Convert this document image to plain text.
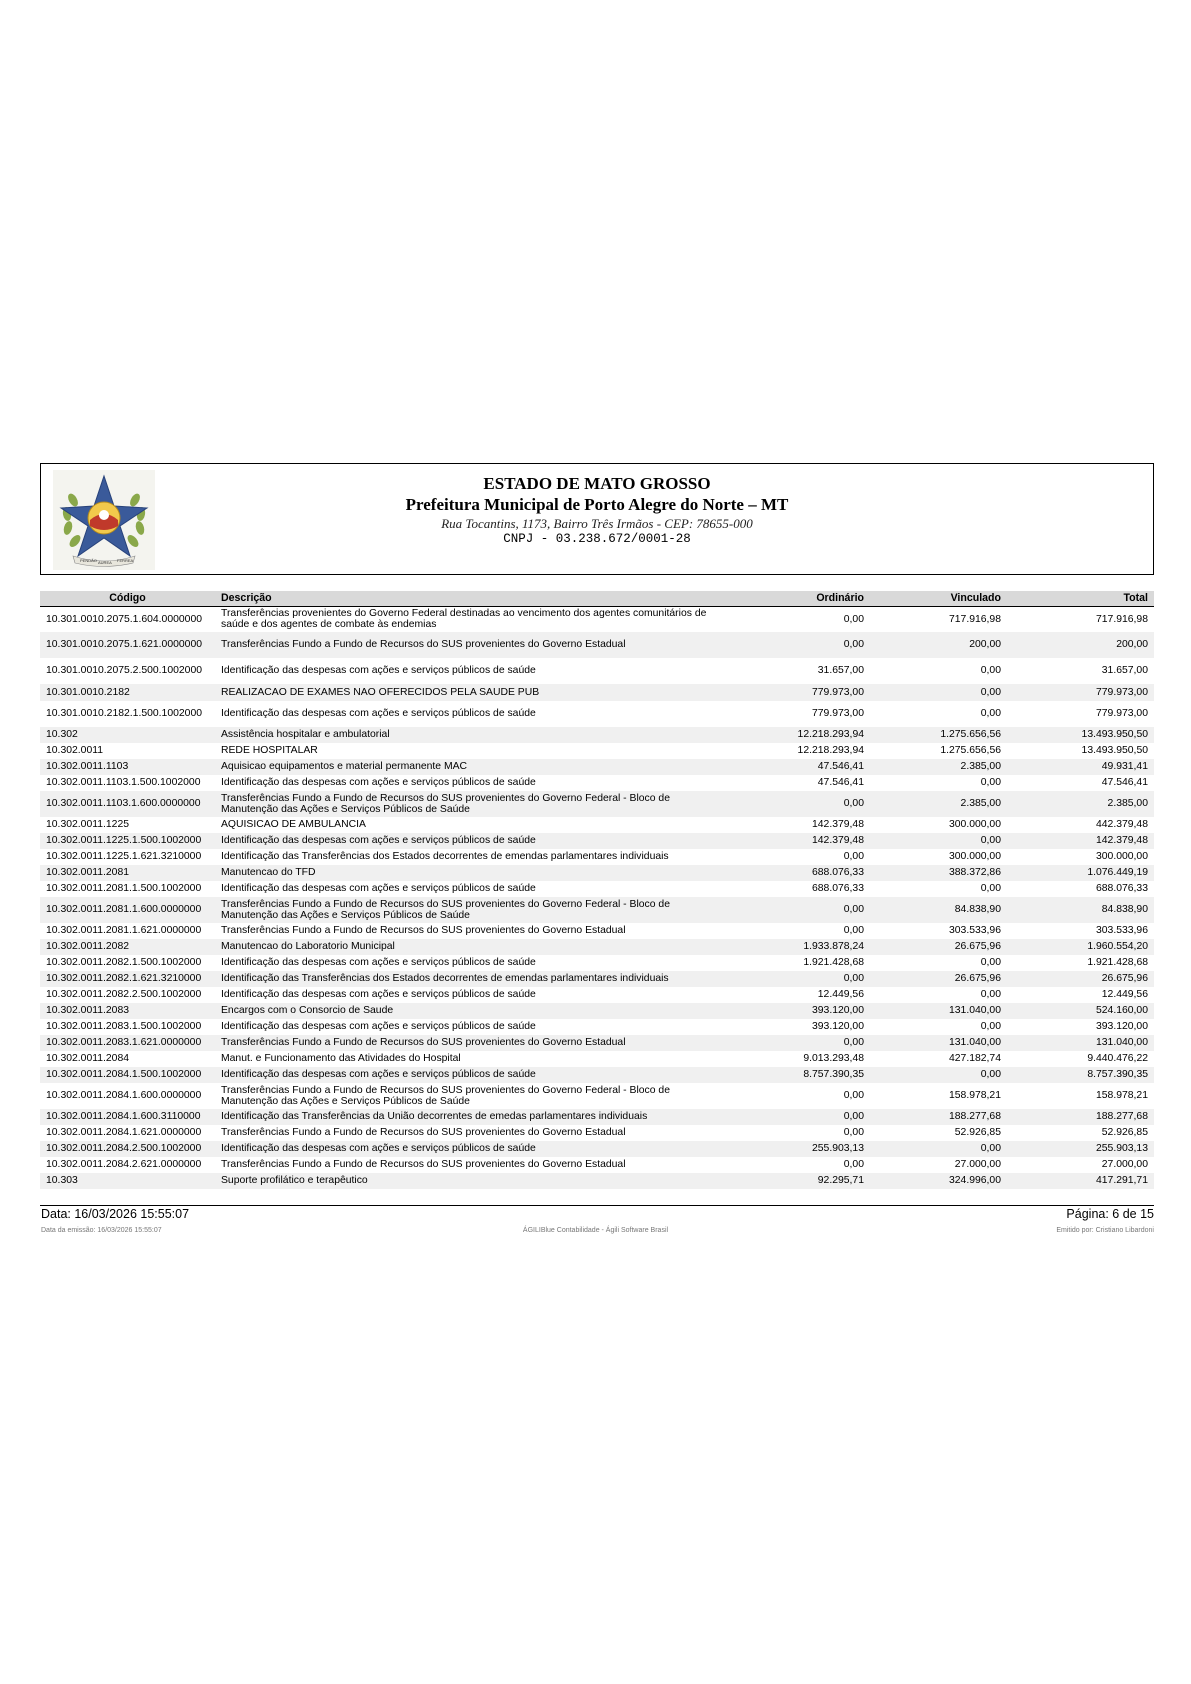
PENDÃO AUREA FERREA
ESTADO DE MATO GROSSO
Prefeitura Municipal de Porto Alegre do Norte – MT
Rua Tocantins, 1173, Bairro Três Irmãos - CEP: 78655-000
CNPJ - 03.238.672/0001-28
Código	Descrição	Ordinário	Vinculado	Total
10.301.0010.2075.1.604.0000000	Transferências provenientes do Governo Federal destinadas ao vencimento dos agentes comunitários de saúde e dos agentes de combate às endemias	0,00	717.916,98	717.916,98
10.301.0010.2075.1.621.0000000	Transferências Fundo a Fundo de Recursos do SUS provenientes do Governo Estadual	0,00	200,00	200,00
10.301.0010.2075.2.500.1002000	Identificação das despesas com ações e serviços públicos de saúde	31.657,00	0,00	31.657,00
10.301.0010.2182	REALIZACAO DE EXAMES NAO OFERECIDOS PELA SAUDE PUB	779.973,00	0,00	779.973,00
10.301.0010.2182.1.500.1002000	Identificação das despesas com ações e serviços públicos de saúde	779.973,00	0,00	779.973,00
10.302	Assistência hospitalar e ambulatorial	12.218.293,94	1.275.656,56	13.493.950,50
10.302.0011	REDE HOSPITALAR	12.218.293,94	1.275.656,56	13.493.950,50
10.302.0011.1103	Aquisicao equipamentos e material permanente MAC	47.546,41	2.385,00	49.931,41
10.302.0011.1103.1.500.1002000	Identificação das despesas com ações e serviços públicos de saúde	47.546,41	0,00	47.546,41
10.302.0011.1103.1.600.0000000	Transferências Fundo a Fundo de Recursos do SUS provenientes do Governo Federal - Bloco de Manutenção das Ações e Serviços Públicos de Saúde	0,00	2.385,00	2.385,00
10.302.0011.1225	AQUISICAO DE AMBULANCIA	142.379,48	300.000,00	442.379,48
10.302.0011.1225.1.500.1002000	Identificação das despesas com ações e serviços públicos de saúde	142.379,48	0,00	142.379,48
10.302.0011.1225.1.621.3210000	Identificação das Transferências dos Estados decorrentes de emendas parlamentares individuais	0,00	300.000,00	300.000,00
10.302.0011.2081	Manutencao do TFD	688.076,33	388.372,86	1.076.449,19
10.302.0011.2081.1.500.1002000	Identificação das despesas com ações e serviços públicos de saúde	688.076,33	0,00	688.076,33
10.302.0011.2081.1.600.0000000	Transferências Fundo a Fundo de Recursos do SUS provenientes do Governo Federal - Bloco de Manutenção das Ações e Serviços Públicos de Saúde	0,00	84.838,90	84.838,90
10.302.0011.2081.1.621.0000000	Transferências Fundo a Fundo de Recursos do SUS provenientes do Governo Estadual	0,00	303.533,96	303.533,96
10.302.0011.2082	Manutencao do Laboratorio Municipal	1.933.878,24	26.675,96	1.960.554,20
10.302.0011.2082.1.500.1002000	Identificação das despesas com ações e serviços públicos de saúde	1.921.428,68	0,00	1.921.428,68
10.302.0011.2082.1.621.3210000	Identificação das Transferências dos Estados decorrentes de emendas parlamentares individuais	0,00	26.675,96	26.675,96
10.302.0011.2082.2.500.1002000	Identificação das despesas com ações e serviços públicos de saúde	12.449,56	0,00	12.449,56
10.302.0011.2083	Encargos com o Consorcio de Saude	393.120,00	131.040,00	524.160,00
10.302.0011.2083.1.500.1002000	Identificação das despesas com ações e serviços públicos de saúde	393.120,00	0,00	393.120,00
10.302.0011.2083.1.621.0000000	Transferências Fundo a Fundo de Recursos do SUS provenientes do Governo Estadual	0,00	131.040,00	131.040,00
10.302.0011.2084	Manut. e Funcionamento das Atividades do Hospital	9.013.293,48	427.182,74	9.440.476,22
10.302.0011.2084.1.500.1002000	Identificação das despesas com ações e serviços públicos de saúde	8.757.390,35	0,00	8.757.390,35
10.302.0011.2084.1.600.0000000	Transferências Fundo a Fundo de Recursos do SUS provenientes do Governo Federal - Bloco de Manutenção das Ações e Serviços Públicos de Saúde	0,00	158.978,21	158.978,21
10.302.0011.2084.1.600.3110000	Identificação das Transferências da União decorrentes de emedas parlamentares individuais	0,00	188.277,68	188.277,68
10.302.0011.2084.1.621.0000000	Transferências Fundo a Fundo de Recursos do SUS provenientes do Governo Estadual	0,00	52.926,85	52.926,85
10.302.0011.2084.2.500.1002000	Identificação das despesas com ações e serviços públicos de saúde	255.903,13	0,00	255.903,13
10.302.0011.2084.2.621.0000000	Transferências Fundo a Fundo de Recursos do SUS provenientes do Governo Estadual	0,00	27.000,00	27.000,00
10.303	Suporte profilático e terapêutico	92.295,71	324.996,00	417.291,71
Data: 16/03/2026 15:55:07	Página: 6 de 15
Data da emissão: 16/03/2026 15:55:07	ÁGILIBlue Contabilidade - Ágili Software Brasil	Emitido por: Cristiano Libardoni
